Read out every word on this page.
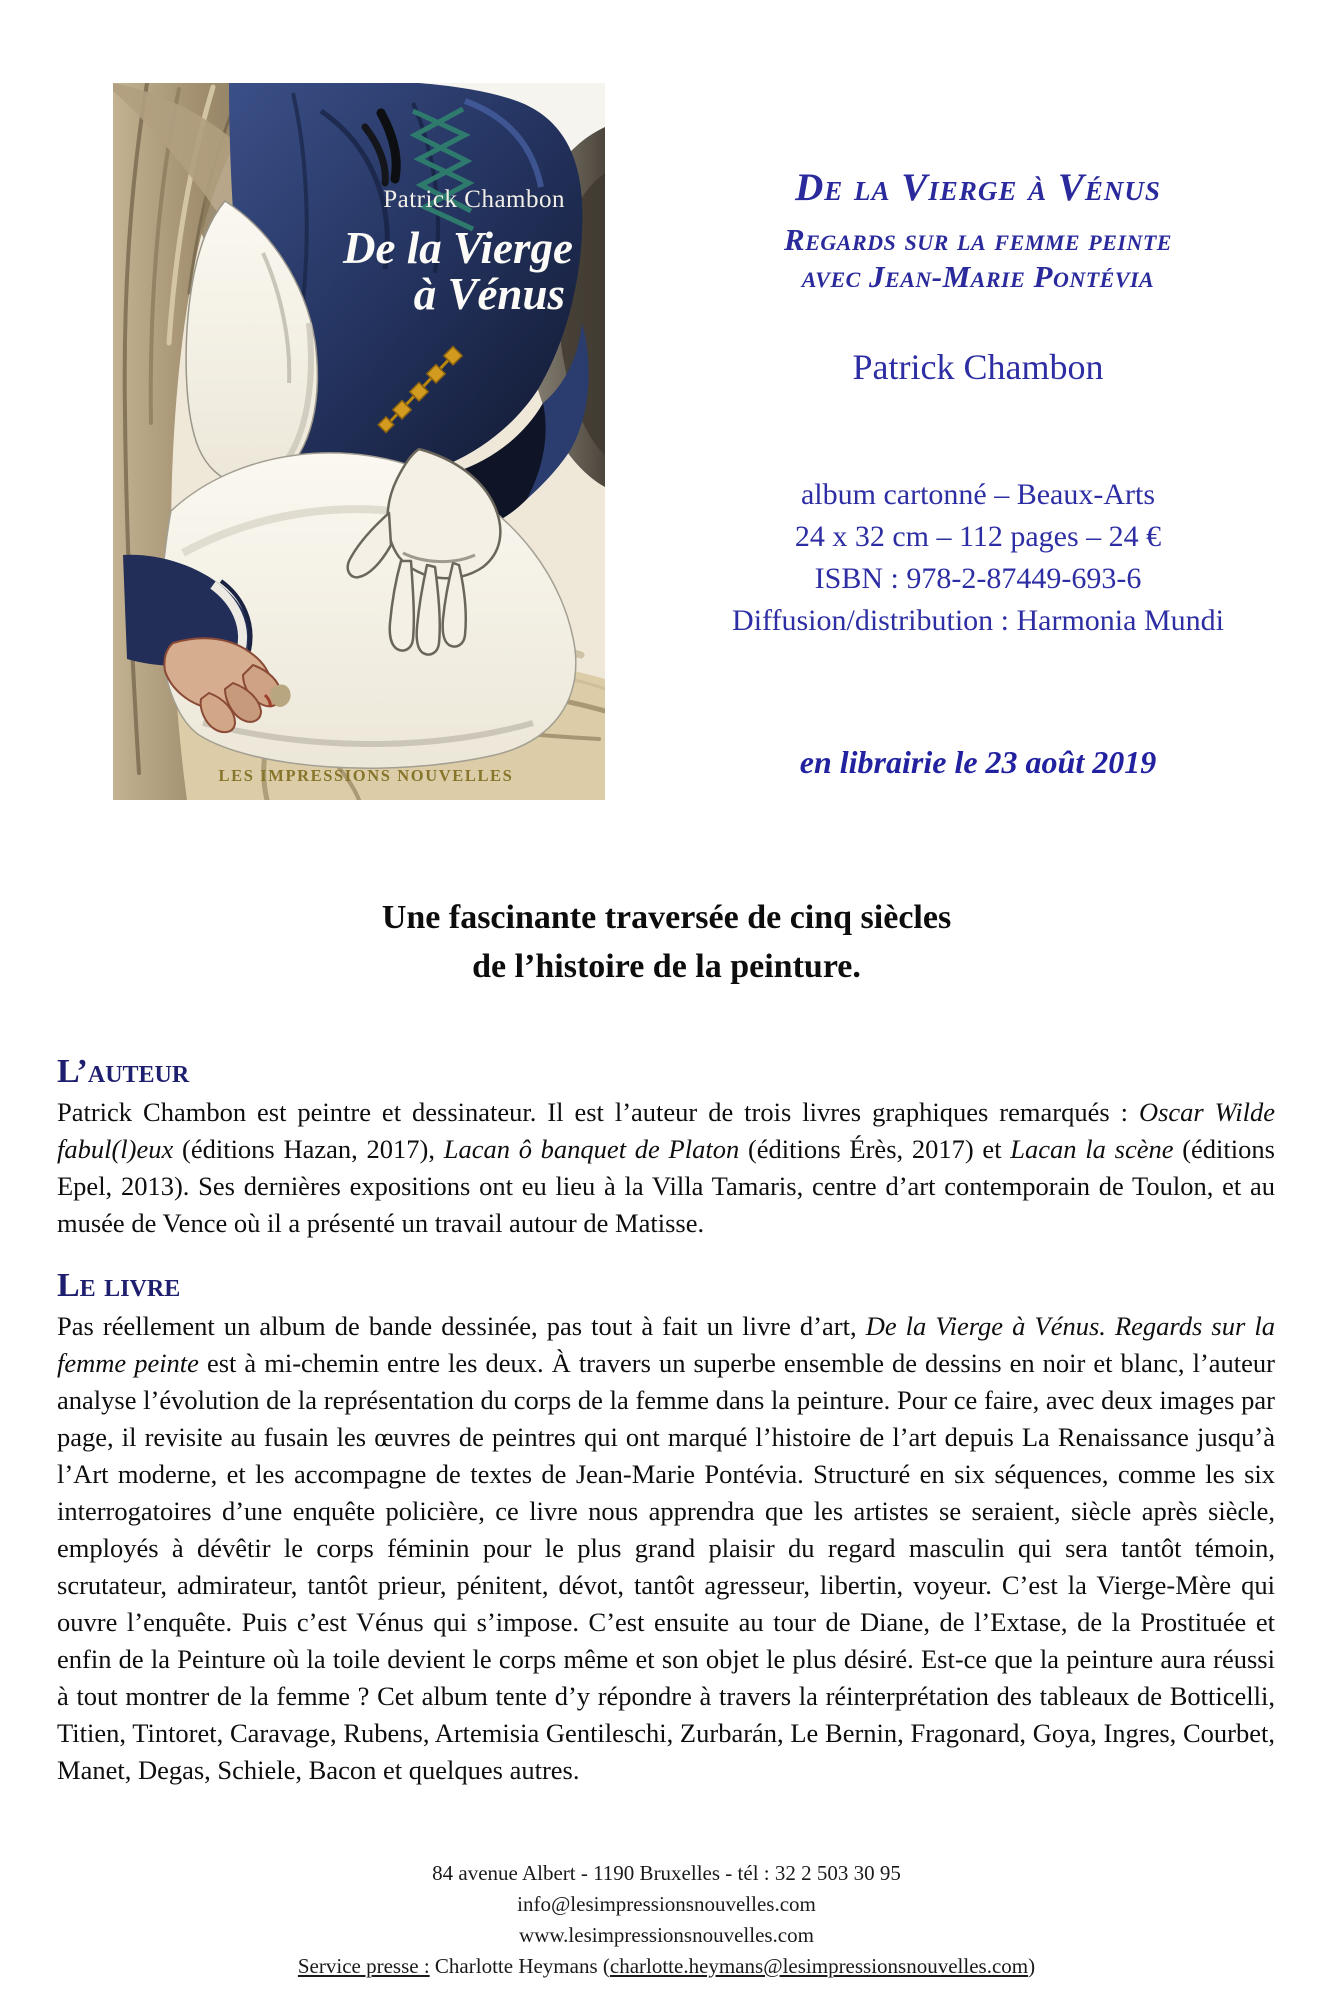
Patrick Chambon
De la Vierge
à Vénus
LES IMPRESSIONS NOUVELLES
De la Vierge à Vénus
Regards sur la femme peinte
avec Jean-Marie Pontévia
Patrick Chambon
album cartonné – Beaux-Arts
24 x 32 cm – 112 pages – 24 €
ISBN : 978-2-87449-693-6
Diffusion/distribution : Harmonia Mundi
en librairie le 23 août 2019
Une fascinante traversée de cinq siècles
de l’histoire de la peinture.
L’auteur
Patrick Chambon est peintre et dessinateur. Il est l’auteur de trois livres graphiques remarqués : Oscar Wilde fabul(l)eux (éditions Hazan, 2017), Lacan ô banquet de Platon (éditions Érès, 2017) et Lacan la scène (éditions Epel, 2013). Ses dernières expositions ont eu lieu à la Villa Tamaris, centre d’art contemporain de Toulon, et au musée de Vence où il a présenté un travail autour de Matisse.
Le livre
Pas réellement un album de bande dessinée, pas tout à fait un livre d’art, De la Vierge à Vénus. Regards sur la femme peinte est à mi-chemin entre les deux. À travers un superbe ensemble de dessins en noir et blanc, l’auteur analyse l’évolution de la représentation du corps de la femme dans la peinture. Pour ce faire, avec deux images par page, il revisite au fusain les œuvres de peintres qui ont marqué l’histoire de l’art depuis La Renaissance jusqu’à l’Art moderne, et les accompagne de textes de Jean-Marie Pontévia. Structuré en six séquences, comme les six interrogatoires d’une enquête policière, ce livre nous apprendra que les artistes se seraient, siècle après siècle, employés à dévêtir le corps féminin pour le plus grand plaisir du regard masculin qui sera tantôt témoin, scrutateur, admirateur, tantôt prieur, pénitent, dévot, tantôt agresseur, libertin, voyeur. C’est la Vierge-Mère qui ouvre l’enquête. Puis c’est Vénus qui s’impose. C’est ensuite au tour de Diane, de l’Extase, de la Prostituée et enfin de la Peinture où la toile devient le corps même et son objet le plus désiré. Est-ce que la peinture aura réussi à tout montrer de la femme ? Cet album tente d’y répondre à travers la réinterprétation des tableaux de Botticelli, Titien, Tintoret, Caravage, Rubens, Artemisia Gentileschi, Zurbarán, Le Bernin, Fragonard, Goya, Ingres, Courbet, Manet, Degas, Schiele, Bacon et quelques autres.
84 avenue Albert - 1190 Bruxelles - tél : 32 2 503 30 95
info@lesimpressionsnouvelles.com
www.lesimpressionsnouvelles.com
Service presse : Charlotte Heymans (charlotte.heymans@lesimpressionsnouvelles.com)
